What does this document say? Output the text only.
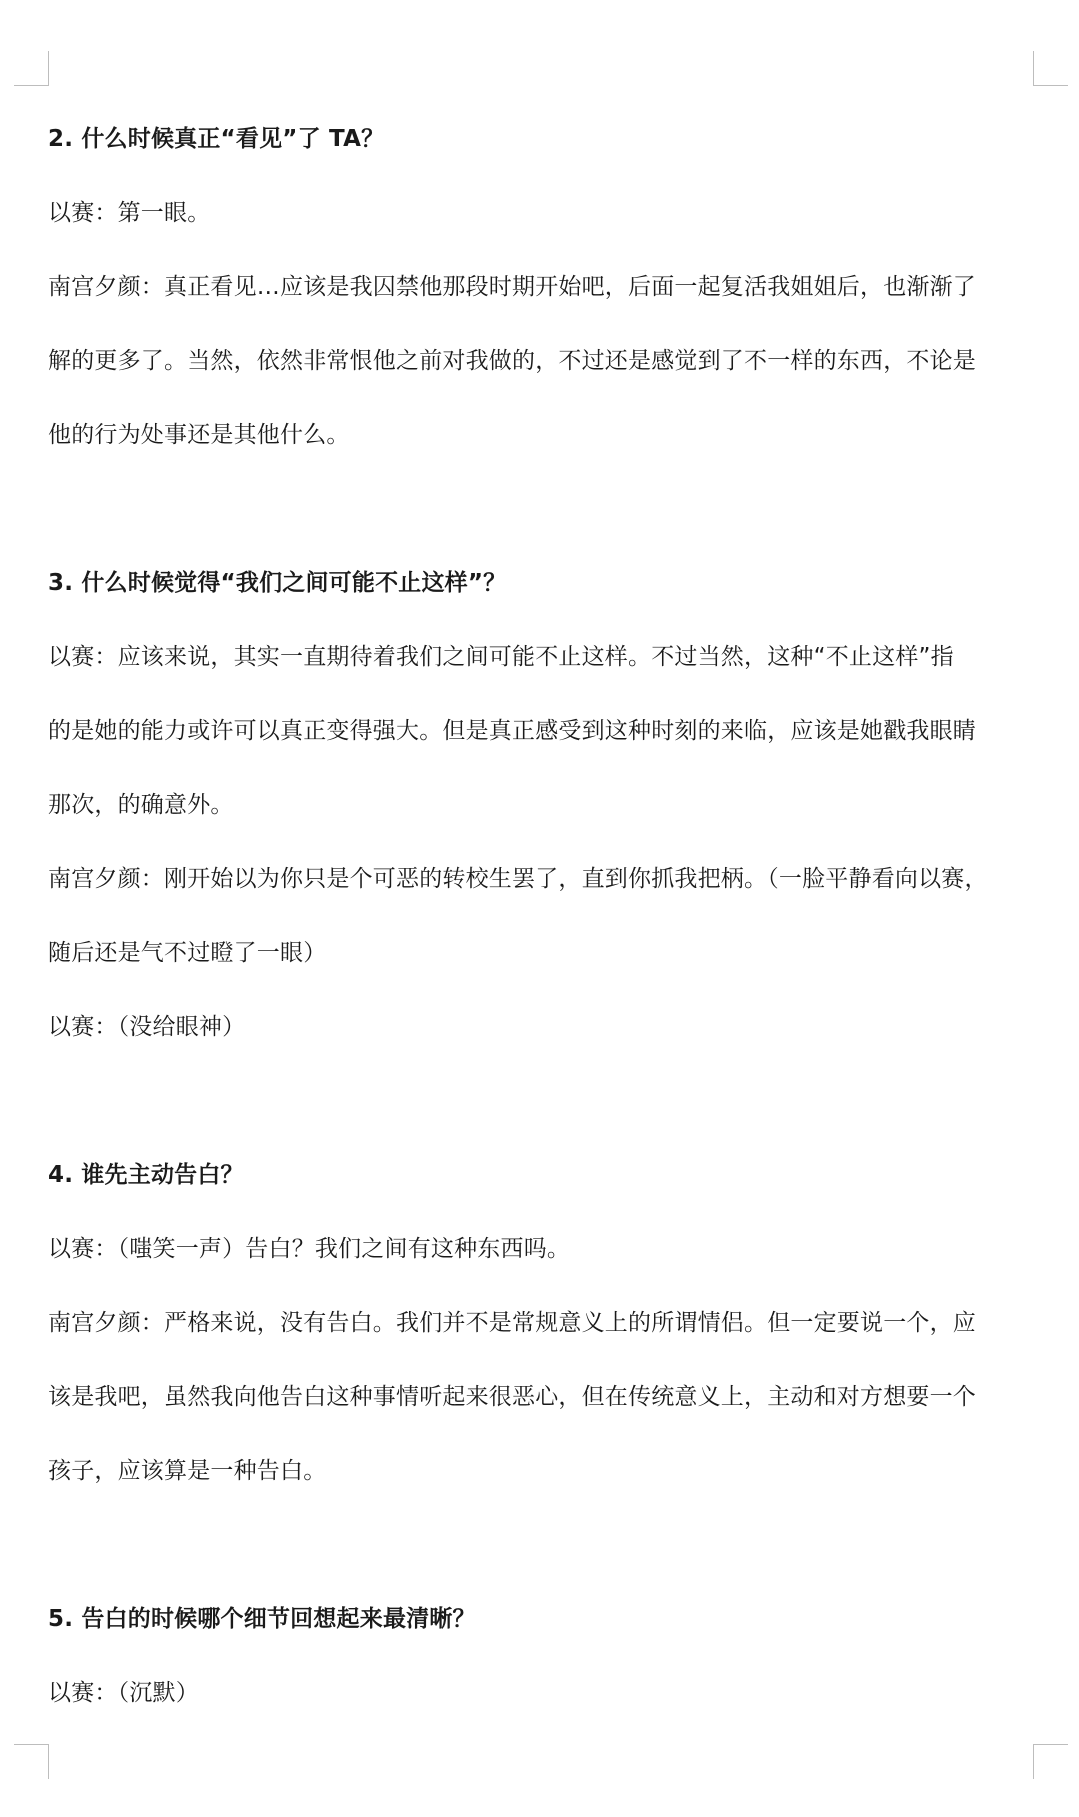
2. 什么时候真正“看见”了 TA？
以赛：第一眼。
南宫夕颜：真正看见…应该是我囚禁他那段时期开始吧，后面一起复活我姐姐后，也渐渐了
解的更多了。当然，依然非常恨他之前对我做的，不过还是感觉到了不一样的东西，不论是
他的行为处事还是其他什么。
3. 什么时候觉得“我们之间可能不止这样”？
以赛：应该来说，其实一直期待着我们之间可能不止这样。不过当然，这种“不止这样”指
的是她的能力或许可以真正变得强大。但是真正感受到这种时刻的来临，应该是她戳我眼睛
那次，的确意外。
南宫夕颜：刚开始以为你只是个可恶的转校生罢了，直到你抓我把柄。（一脸平静看向以赛，
随后还是气不过瞪了一眼）
以赛：（没给眼神）
4. 谁先主动告白？
以赛：（嗤笑一声）告白？我们之间有这种东西吗。
南宫夕颜：严格来说，没有告白。我们并不是常规意义上的所谓情侣。但一定要说一个，应
该是我吧，虽然我向他告白这种事情听起来很恶心，但在传统意义上，主动和对方想要一个
孩子，应该算是一种告白。
5. 告白的时候哪个细节回想起来最清晰？
以赛：（沉默）
